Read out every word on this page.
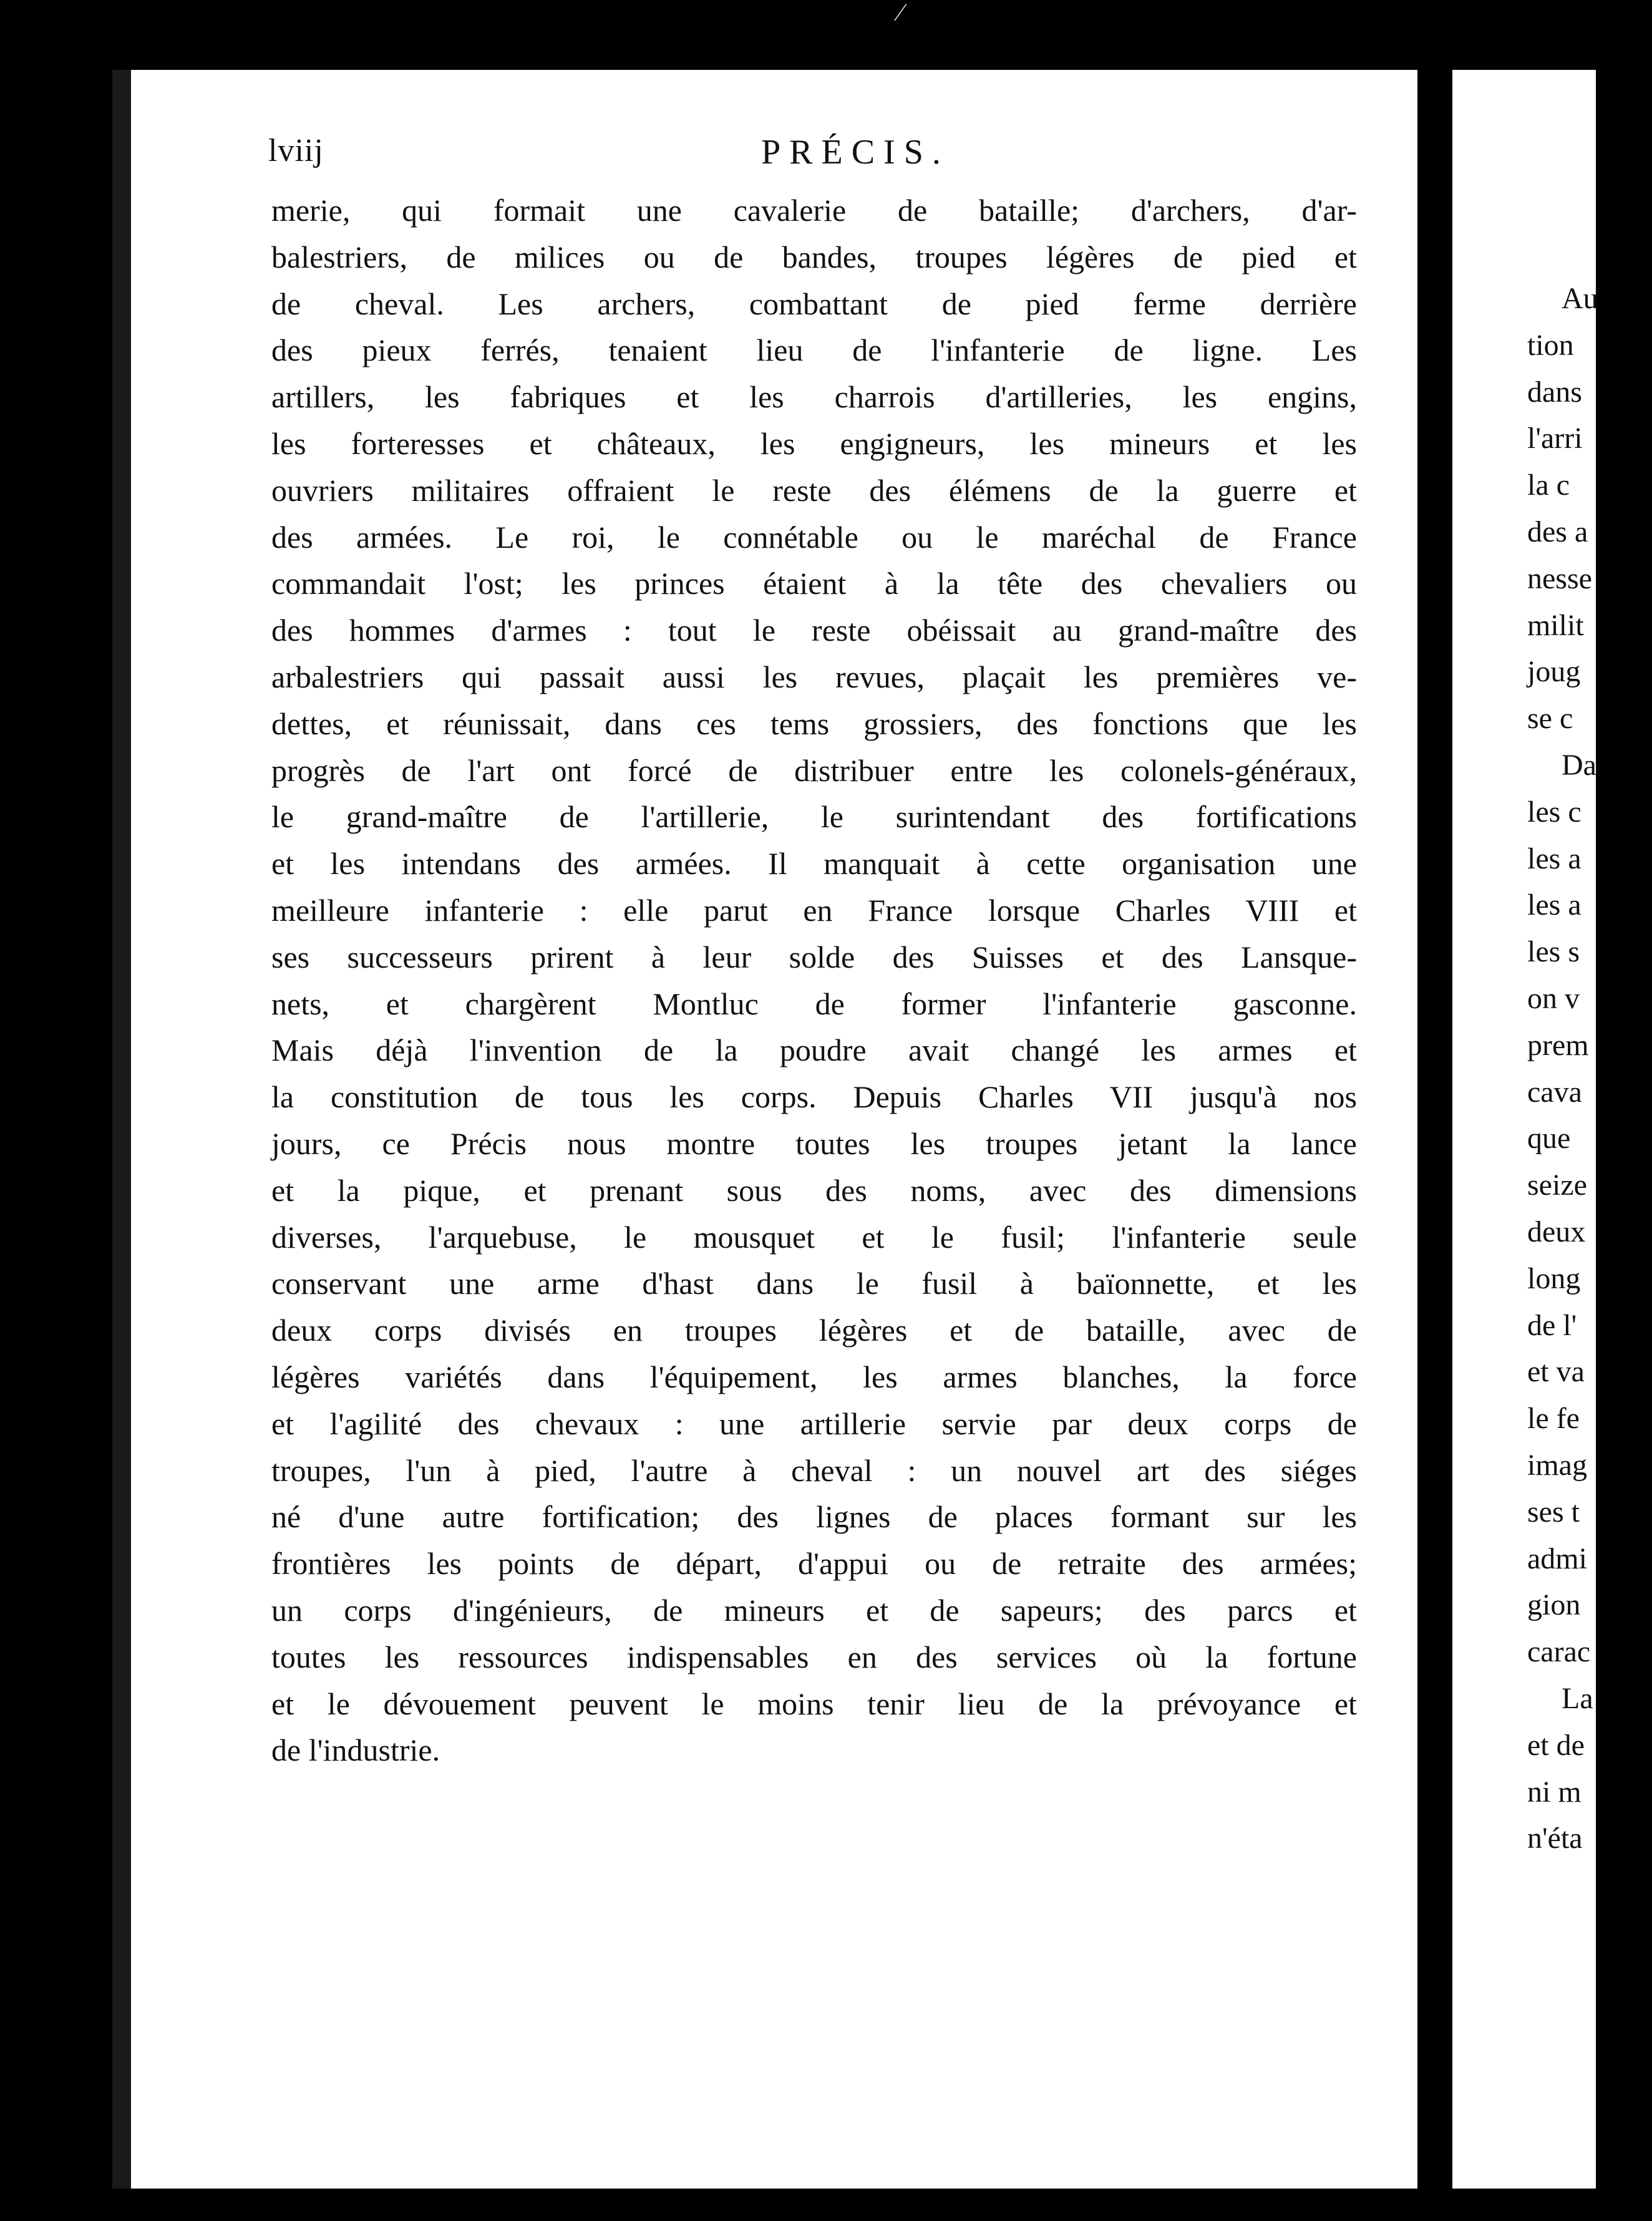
⁄
Au
tion
dans
l'arri
la c
des a
nesse
milit
joug
se c
Da
les c
les a
les a
les s
on v
prem
cava
que
seize
deux
long
de l'
et va
le fe
imag
ses t
admi
gion
carac
La
et de
ni m
n'éta
lviij	PRÉCIS.
merie, qui formait une cavalerie de bataille; d'archers, d'ar-
balestriers, de milices ou de bandes, troupes légères de pied et
de cheval. Les archers, combattant de pied ferme derrière
des pieux ferrés, tenaient lieu de l'infanterie de ligne. Les
artillers, les fabriques et les charrois d'artilleries, les engins,
les forteresses et châteaux, les engigneurs, les mineurs et les
ouvriers militaires offraient le reste des élémens de la guerre et
des armées. Le roi, le connétable ou le maréchal de France
commandait l'ost; les princes étaient à la tête des chevaliers ou
des hommes d'armes : tout le reste obéissait au grand-maître des
arbalestriers qui passait aussi les revues, plaçait les premières ve-
dettes, et réunissait, dans ces tems grossiers, des fonctions que les
progrès de l'art ont forcé de distribuer entre les colonels-généraux,
le grand-maître de l'artillerie, le surintendant des fortifications
et les intendans des armées. Il manquait à cette organisation une
meilleure infanterie : elle parut en France lorsque Charles VIII et
ses successeurs prirent à leur solde des Suisses et des Lansque-
nets, et chargèrent Montluc de former l'infanterie gasconne.
Mais déjà l'invention de la poudre avait changé les armes et
la constitution de tous les corps. Depuis Charles VII jusqu'à nos
jours, ce Précis nous montre toutes les troupes jetant la lance
et la pique, et prenant sous des noms, avec des dimensions
diverses, l'arquebuse, le mousquet et le fusil; l'infanterie seule
conservant une arme d'hast dans le fusil à baïonnette, et les
deux corps divisés en troupes légères et de bataille, avec de
légères variétés dans l'équipement, les armes blanches, la force
et l'agilité des chevaux : une artillerie servie par deux corps de
troupes, l'un à pied, l'autre à cheval : un nouvel art des siéges
né d'une autre fortification; des lignes de places formant sur les
frontières les points de départ, d'appui ou de retraite des armées;
un corps d'ingénieurs, de mineurs et de sapeurs; des parcs et
toutes les ressources indispensables en des services où la fortune
et le dévouement peuvent le moins tenir lieu de la prévoyance et
de l'industrie.
